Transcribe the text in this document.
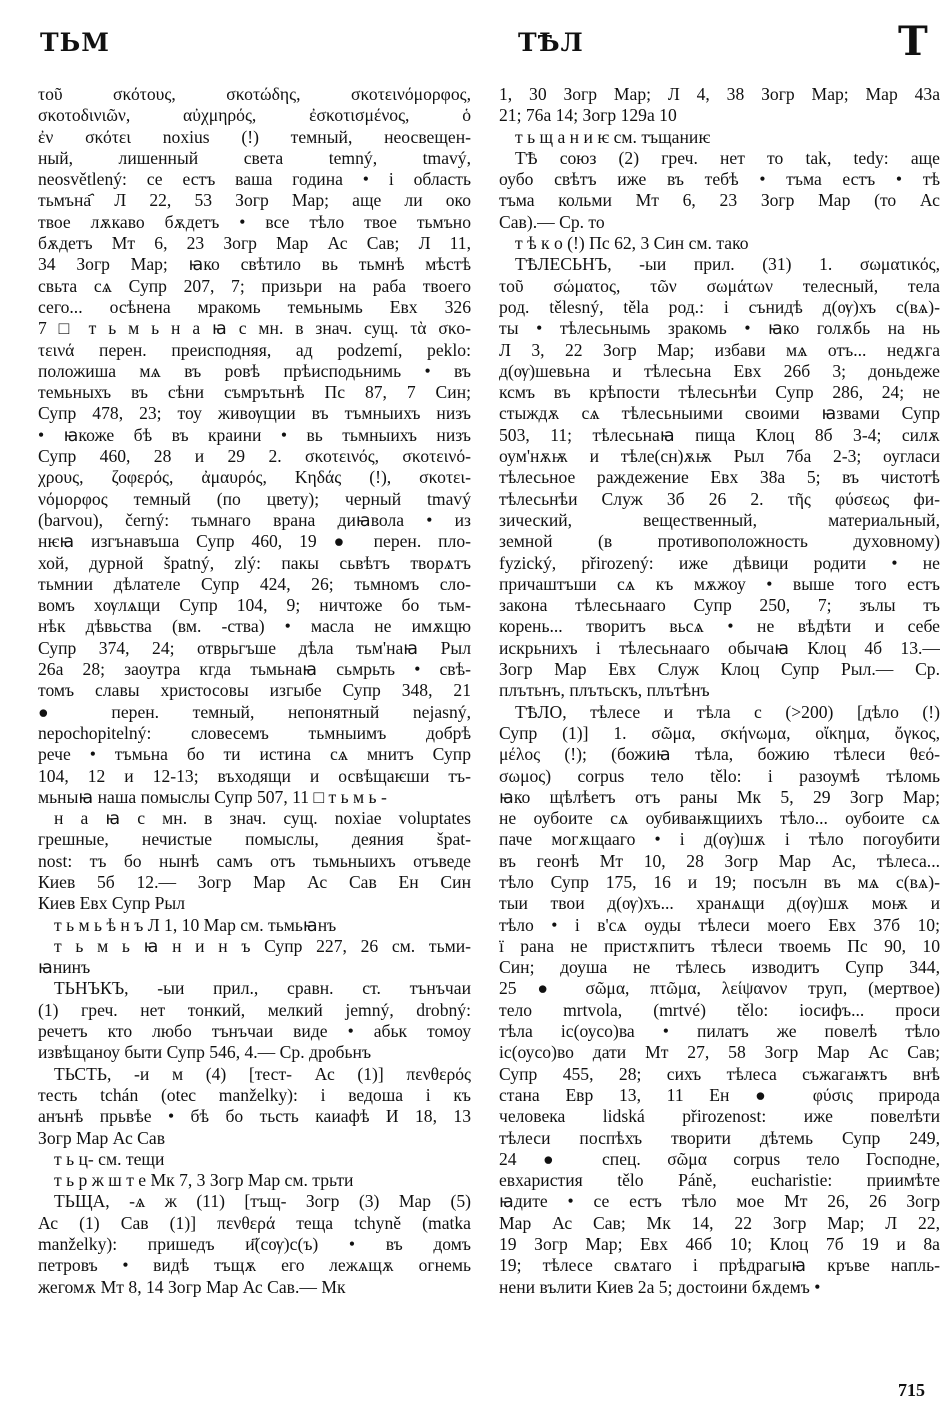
ТЬМ	ТѢЛ	Т
τοῦ σκότους, σκοτώδης, σκοτεινόμορφος,
σκοτοδινιῶν, αὐχμηρός, ἐσκοτισμένος, ὁ
ἐν σκότει noxius (!) темный, неосвещен-
ный, лишенный света temný, tmavý,
neosvětlený: се естъ ваша година • і область
тьмъна҄ Л 22, 53 Зогр Мар; аще ли око
твое лѫкаво бѫдетъ • все тѣло твое тьмъно
бѫдетъ Мт 6, 23 Зогр Мар Ас Сав; Л 11,
34 Зогр Мар; ꙗко свѣтило вь тьмнѣ мѣстѣ
свьта сѧ Супр 207, 7; призьри на раба твоего
сего... осѣнена мракомь темьнымь Евх 326
7 □ т ь м ь н а ꙗ с мн. в знач. сущ. τὰ σκο-
τεινά перен. преисподняя, ад podzemí, peklo:
положиша мѧ въ ровѣ прѣисподьнимь • въ
темьныхъ въ сѣни съмрътьнѣ Пс 87, 7 Син;
Супр 478, 23; тоу живѹщии въ тъмныихъ низъ
• ꙗкоже бѣ въ краини • вь тьмныихъ низъ
Супр 460, 28 и 29 2. σκοτεινός, σκοτεινό-
χρους, ζοφερός, ἀμαυρός, Κηδάς (!), σκοτει-
νόμορφος темный (по цвету); черный tmavý
(barvou), černý: тьмнаго врана диꙗвола • из
нѥꙗ изгънавъша Супр 460, 19 ● перен. пло-
хой, дурной špatný, zlý: пакы сьвѣтъ творѧтъ
тьмнии дѣлателе Супр 424, 26; тьмномъ сло-
вомъ хѹлѧщи Супр 104, 9; ничтоже бо тьм-
нѣк дѣвьства (вм. -ства) • масла не имѫщю
Супр 374, 24; отврьгъше дѣла тьм'наꙗ Рыл
26а 28; заоутра кгда тьмьнаꙗ сьмрьть • свѣ-
томъ славы христосовы изгыбе Супр 348, 21
● перен. темный, непонятный nejasný,
nepochopitelný: словесемъ тьмныимъ добрѣ
рече • тъмьна бо ти истина сѧ мнитъ Супр
104, 12 и 12-13; въходящи и освѣщаѥши тъ-
мьныꙗ наша помыслы Супр 507, 11 □ т ь м ь -
н а ꙗ с мн. в знач. сущ. noxiae voluptates
грешные, нечистые помыслы, деяния špat-
nost: тъ бо нынѣ самъ отъ тьмьныихъ отъведе
Киев 5б 12.— Зогр Мар Ас Сав Ен Син
Киев Евх Супр Рыл
т ь м ь ѣ н ъ Л 1, 10 Мар см. тьмьꙗнъ
т ь м ь ꙗ н и н ъ Супр 227, 26 см. тьми-
ꙗнинъ
ТЬНЪКЪ, -ыи прил., сравн. ст. тънъчаи
(1) греч. нет тонкий, мелкий jemný, drobný:
речетъ кто любо тънъчаи виде • абьк томоу
извѣщаноу быти Супр 546, 4.— Ср. дробьнъ
ТЬСТЬ, -и м (4) [тест- Ас (1)] πενθερός
тесть tchán (otec manželky): і ведоша і къ
анънѣ прьвѣе • бѣ бо тьсть каиафѣ И 18, 13
Зогр Мар Ас Сав
т ь ц- см. тещи
т ь р ж ш т е Мк 7, 3 Зогр Мар см. трьти
ТЬЩА, -ѧ ж (11) [тъщ- Зогр (3) Мар (5)
Ас (1) Сав (1)] πενθερά теща tchyně (matka
manželky): пришедъ и҃(сѹ)с(ъ) • въ домъ
петровъ • видѣ тъщѫ его лежѧщѫ огнемь
жегомѫ Мт 8, 14 Зогр Мар Ас Сав.— Мк
1, 30 Зогр Мар; Л 4, 38 Зогр Мар; Мар 43а
21; 76а 14; Зогр 129а 10
т ь щ а н и ѥ см. тъщаниѥ
ТѢ союз (2) греч. нет то tak, tedy: аще
оубо свѣтъ иже въ тебѣ • тъма естъ • тѣ
тъма кольми Мт 6, 23 Зогр Мар (то Ас
Сав).— Ср. то
т ѣ к о (!) Пс 62, 3 Син см. тако
ТѢЛЕСЬНЪ, -ыи прил. (31) 1. σωματικός,
τοῦ σώματος, τῶν σωμάτων телесный, тела
род. tělesný, těla род.: і сънидѣ д(ѹ)хъ с(вѧ)-
ты • тѣлесьнымь зракомь • ꙗко голѫбь на нь
Л 3, 22 Зогр Мар; избави мѧ отъ... недѫга
д(ѹ)шевьна и тѣлесьна Евх 26б 3; доньдеже
ксмъ въ крѣпости тѣлесьнѣи Супр 286, 24; не
стыждѫ сѧ тѣлесьныими своими ꙗзвами Супр
503, 11; тѣлесьнаꙗ пища Клоц 8б 3-4; силѫ
оум'нѫѭ и тѣле(сн)ѫѭ Рыл 7ба 2-3; оугласи
тѣлесьное раждежение Евх 38а 5; въ чистотѣ
тѣлесьнѣи Служ 3б 26 2. τῆς φύσεως фи-
зический, вещественный, материальный,
земной (в противоположность духовному)
fyzický, přirozený: иже дѣвици родити • не
причаштъши сѧ къ мѫжоу • выше того естъ
закона тѣлесьнааго Супр 250, 7; зълы тъ
корень... творитъ вьсѧ • не вѣдѣти и себе
искрьнихъ і тѣлесьнааго обычаꙗ Клоц 4б 13.—
Зогр Мар Евх Служ Клоц Супр Рыл.— Ср.
плътьнъ, плътьскъ, плътѣнъ
ТѢЛО, тѣлесе и тѣла с (>200) [дѣло (!)
Супр (1)] 1. σῶμα, σκήνωμα, οἴκημα, ὄγκος,
μέλος (!); (божиꙗ тѣла, божию тѣлеси θεό-
σωμος) corpus тело tělo: і разоумѣ тѣломь
ꙗко щѣлѣетъ отъ раны Мк 5, 29 Зогр Мар;
не оубоите сѧ оубиваѭщиихъ тѣло... оубоите сѧ
паче могѫщааго • і д(ѹ)шѫ і тѣло погоубити
въ геонѣ Мт 10, 28 Зогр Мар Ас, тѣлеса...
тѣло Супр 175, 16 и 19; посълн въ мѧ с(вѧ)-
тыи твои д(ѹ)хъ... хранѧщи д(ѹ)шѫ моѭ и
тѣло • і в'сѧ оуды тѣлеси моего Евх 37б 10;
ї рана не пристѫпитъ тѣлеси твоемь Пс 90, 10
Син; доуша не тѣлесь изводитъ Супр 344,
25 ● σῶμα, πτῶμα, λείψανον труп, (мертвое)
тело mrtvola, (mrtvé) tělo: іосифъ... проси
тѣла іс(оусо)ва • пилатъ же повелѣ тѣло
іс(оусо)во дати Мт 27, 58 Зогр Мар Ас Сав;
Супр 455, 28; сихъ тѣлеса съжагаѭтъ внѣ
стана Евр 13, 11 Ен ● φύσις природа
человека lidská přirozenost: иже повелѣти
тѣлеси поспѣхъ творити дѣтемь Супр 249,
24 ● спец. σῶμα corpus тело Господне,
евхаристия tělo Páně, eucharistie: приимѣте
ꙗдите • се естъ тѣло мое Мт 26, 26 Зогр
Мар Ас Сав; Мк 14, 22 Зогр Мар; Л 22,
19 Зогр Мар; Евх 46б 10; Клоц 7б 19 и 8а
19; тѣлесе свѧтаго і прѣдрагыꙗ кръве напль-
нени вълити Киев 2а 5; достоини бѫдемъ •
715
